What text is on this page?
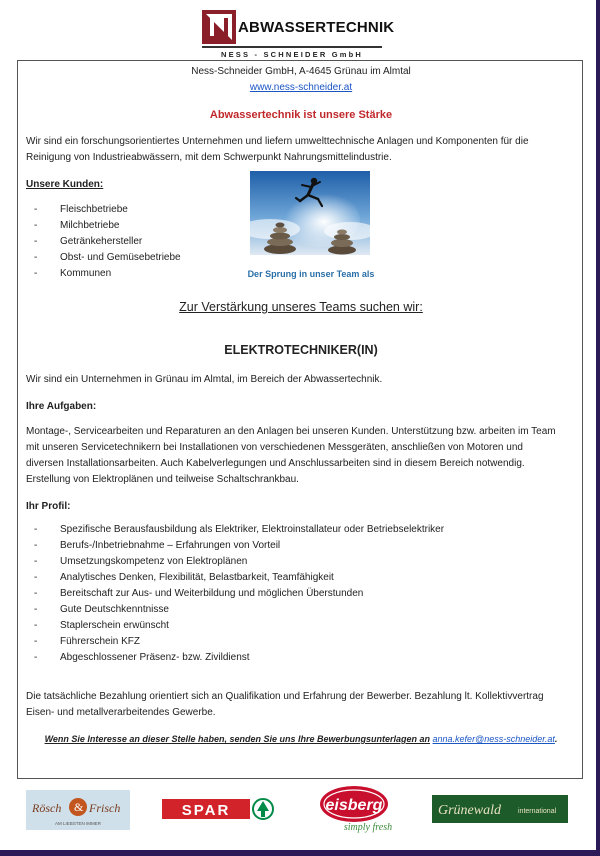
ABWASSERTECHNIK
NESS - SCHNEIDER GmbH
Ness-Schneider GmbH, A-4645 Grünau im Almtal
www.ness-schneider.at
Abwassertechnik ist unsere Stärke
Wir sind ein forschungsorientiertes Unternehmen und liefern umwelttechnische Anlagen und Komponenten für die
Reinigung von Industrieabwässern, mit dem Schwerpunkt Nahrungsmittelindustrie.
Unsere Kunden:
- Fleischbetriebe
- Milchbetriebe
- Getränkehersteller
- Obst- und Gemüsebetriebe
- Kommunen	Der Sprung in unser Team als
Zur Verstärkung unseres Teams suchen wir:
ELEKTROTECHNIKER(IN)
Wir sind ein Unternehmen in Grünau im Almtal, im Bereich der Abwassertechnik.
Ihre Aufgaben:
Montage-, Servicearbeiten und Reparaturen an den Anlagen bei unseren Kunden. Unterstützung bzw. arbeiten im Team
mit unseren Servicetechnikern bei Installationen von verschiedenen Messgeräten, anschließen von Motoren und
diversen Installationsarbeiten. Auch Kabelverlegungen und Anschlussarbeiten sind in diesem Bereich notwendig.
Erstellung von Elektroplänen und teilweise Schaltschrankbau.
Ihr Profil:
- Spezifische Berausfausbildung als Elektriker, Elektroinstallateur oder Betriebselektriker
- Berufs-/Inbetriebnahme – Erfahrungen von Vorteil
- Umsetzungskompetenz von Elektroplänen
- Analytisches Denken, Flexibilität, Belastbarkeit, Teamfähigkeit
- Bereitschaft zur Aus- und Weiterbildung und möglichen Überstunden
- Gute Deutschkenntnisse
- Staplerschein erwünscht
- Führerschein KFZ
- Abgeschlossener Präsenz- bzw. Zivildienst
Die tatsächliche Bezahlung orientiert sich an Qualifikation und Erfahrung der Bewerber. Bezahlung lt. Kollektivvertrag
Eisen- und metallverarbeitendes Gewerbe.
Wenn Sie Interesse an dieser Stelle haben, senden Sie uns Ihre Bewerbungsunterlagen an anna.kefer@ness-schneider.at.
Rösch & Frisch
AM LIEBSTEN IMMER
SPAR	eisberg
simply fresh
Grünewald international
